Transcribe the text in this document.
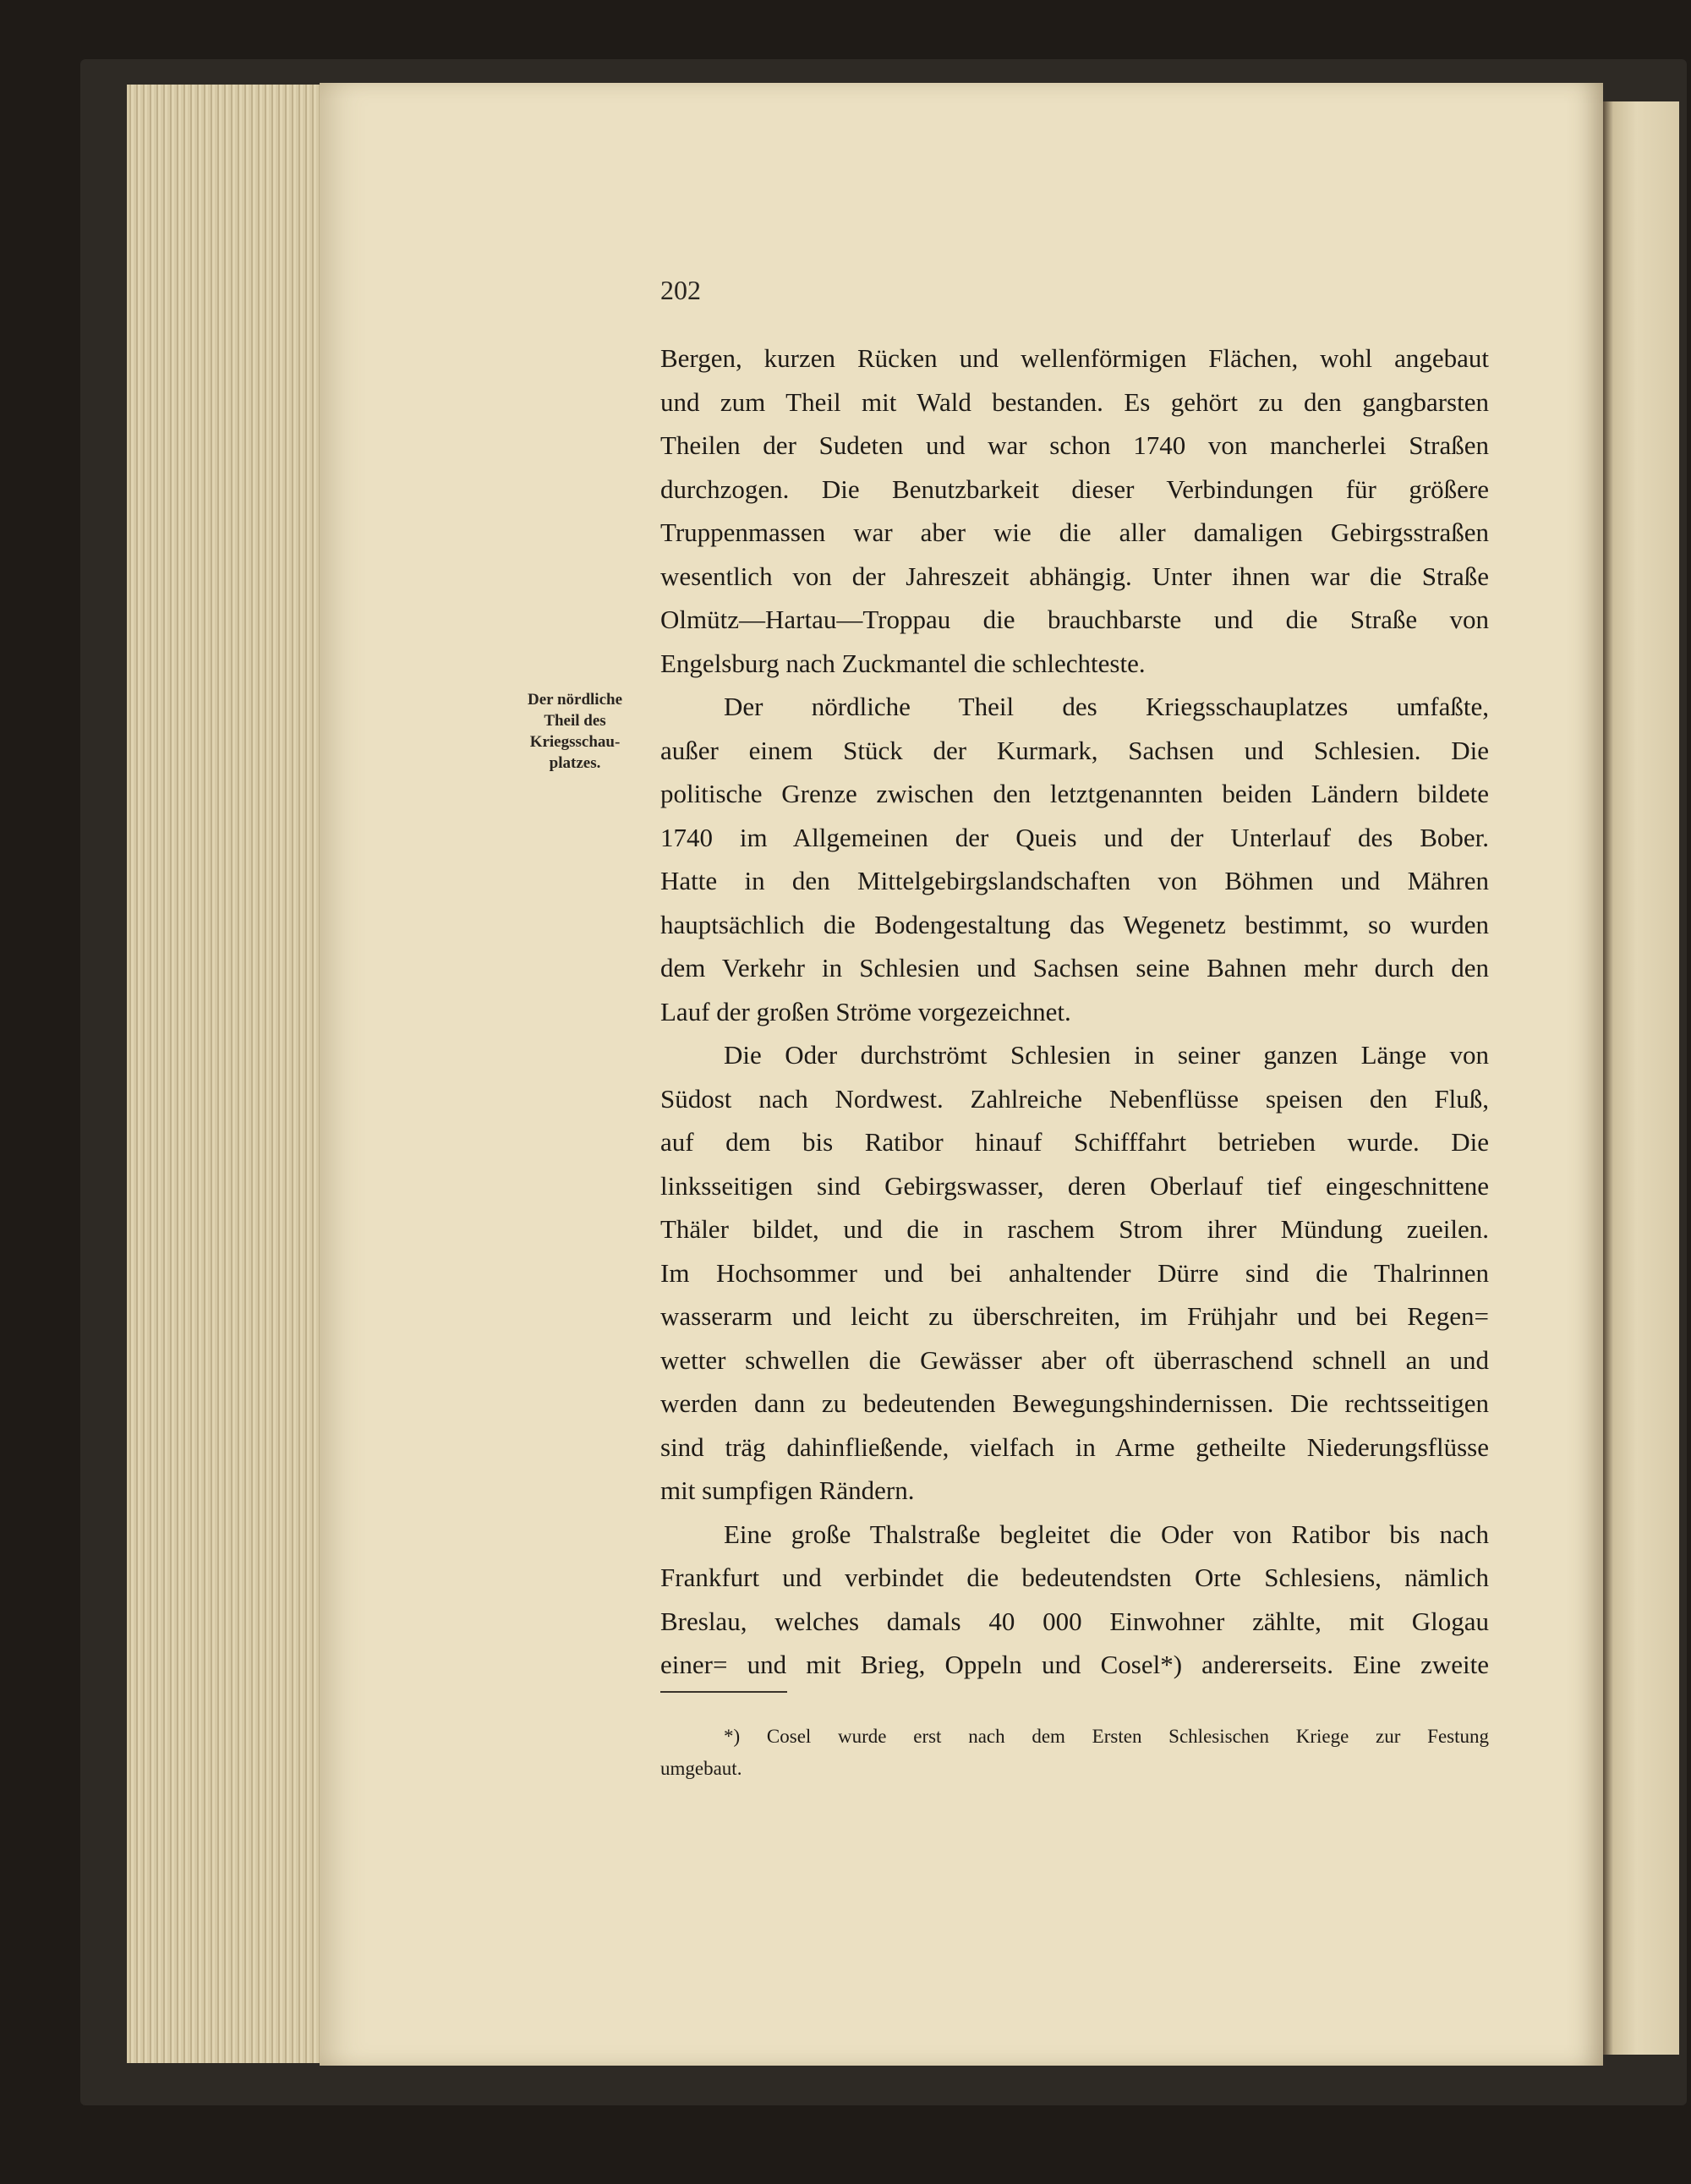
202
Der nördliche
Theil des
Kriegsschau-
platzes.
Bergen, kurzen Rücken und wellenförmigen Flächen, wohl angebaut
und zum Theil mit Wald bestanden. Es gehört zu den gangbarsten
Theilen der Sudeten und war schon 1740 von mancherlei Straßen
durchzogen. Die Benutzbarkeit dieser Verbindungen für größere
Truppenmassen war aber wie die aller damaligen Gebirgsstraßen
wesentlich von der Jahreszeit abhängig. Unter ihnen war die Straße
Olmütz—Hartau—Troppau die brauchbarste und die Straße von
Engelsburg nach Zuckmantel die schlechteste.
Der nördliche Theil des Kriegsschauplatzes umfaßte,
außer einem Stück der Kurmark, Sachsen und Schlesien. Die
politische Grenze zwischen den letztgenannten beiden Ländern bildete
1740 im Allgemeinen der Queis und der Unterlauf des Bober.
Hatte in den Mittelgebirgslandschaften von Böhmen und Mähren
hauptsächlich die Bodengestaltung das Wegenetz bestimmt, so wurden
dem Verkehr in Schlesien und Sachsen seine Bahnen mehr durch den
Lauf der großen Ströme vorgezeichnet.
Die Oder durchströmt Schlesien in seiner ganzen Länge von
Südost nach Nordwest. Zahlreiche Nebenflüsse speisen den Fluß,
auf dem bis Ratibor hinauf Schifffahrt betrieben wurde. Die
linksseitigen sind Gebirgswasser, deren Oberlauf tief eingeschnittene
Thäler bildet, und die in raschem Strom ihrer Mündung zueilen.
Im Hochsommer und bei anhaltender Dürre sind die Thalrinnen
wasserarm und leicht zu überschreiten, im Frühjahr und bei Regen=
wetter schwellen die Gewässer aber oft überraschend schnell an und
werden dann zu bedeutenden Bewegungshindernissen. Die rechtsseitigen
sind träg dahinfließende, vielfach in Arme getheilte Niederungsflüsse
mit sumpfigen Rändern.
Eine große Thalstraße begleitet die Oder von Ratibor bis nach
Frankfurt und verbindet die bedeutendsten Orte Schlesiens, nämlich
Breslau, welches damals 40 000 Einwohner zählte, mit Glogau
einer= und mit Brieg, Oppeln und Cosel*) andererseits. Eine zweite
*) Cosel wurde erst nach dem Ersten Schlesischen Kriege zur Festung
umgebaut.
